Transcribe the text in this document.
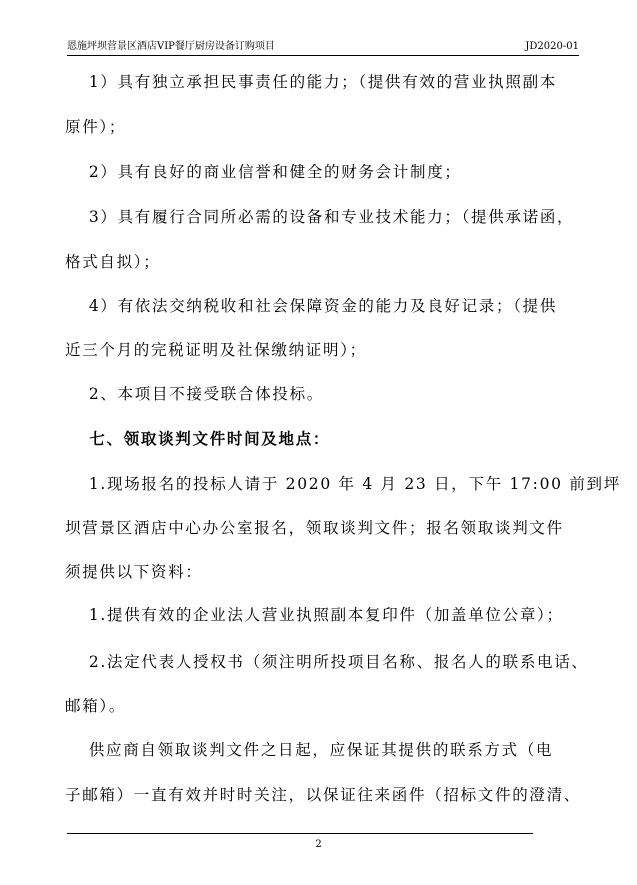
恩施坪坝营景区酒店VIP餐厅厨房设备订购项目	JD2020-01
　 1）具有独立承担民事责任的能力；（提供有效的营业执照副本
原件）；
　 2）具有良好的商业信誉和健全的财务会计制度；
　 3）具有履行合同所必需的设备和专业技术能力；（提供承诺函，
格式自拟）；
　 4）有依法交纳税收和社会保障资金的能力及良好记录；（提供
近三个月的完税证明及社保缴纳证明）；
　 2、本项目不接受联合体投标。
　 七、领取谈判文件时间及地点：
　 1.现场报名的投标人请于 2020 年 4 月 23 日，下午 17:00 前到坪
坝营景区酒店中心办公室报名，领取谈判文件；报名领取谈判文件
须提供以下资料：
　 1.提供有效的企业法人营业执照副本复印件（加盖单位公章）；
　 2.法定代表人授权书（须注明所投项目名称、报名人的联系电话、
邮箱）。
　 供应商自领取谈判文件之日起，应保证其提供的联系方式（电
子邮箱）一直有效并时时关注，以保证往来函件（招标文件的澄清、
2
